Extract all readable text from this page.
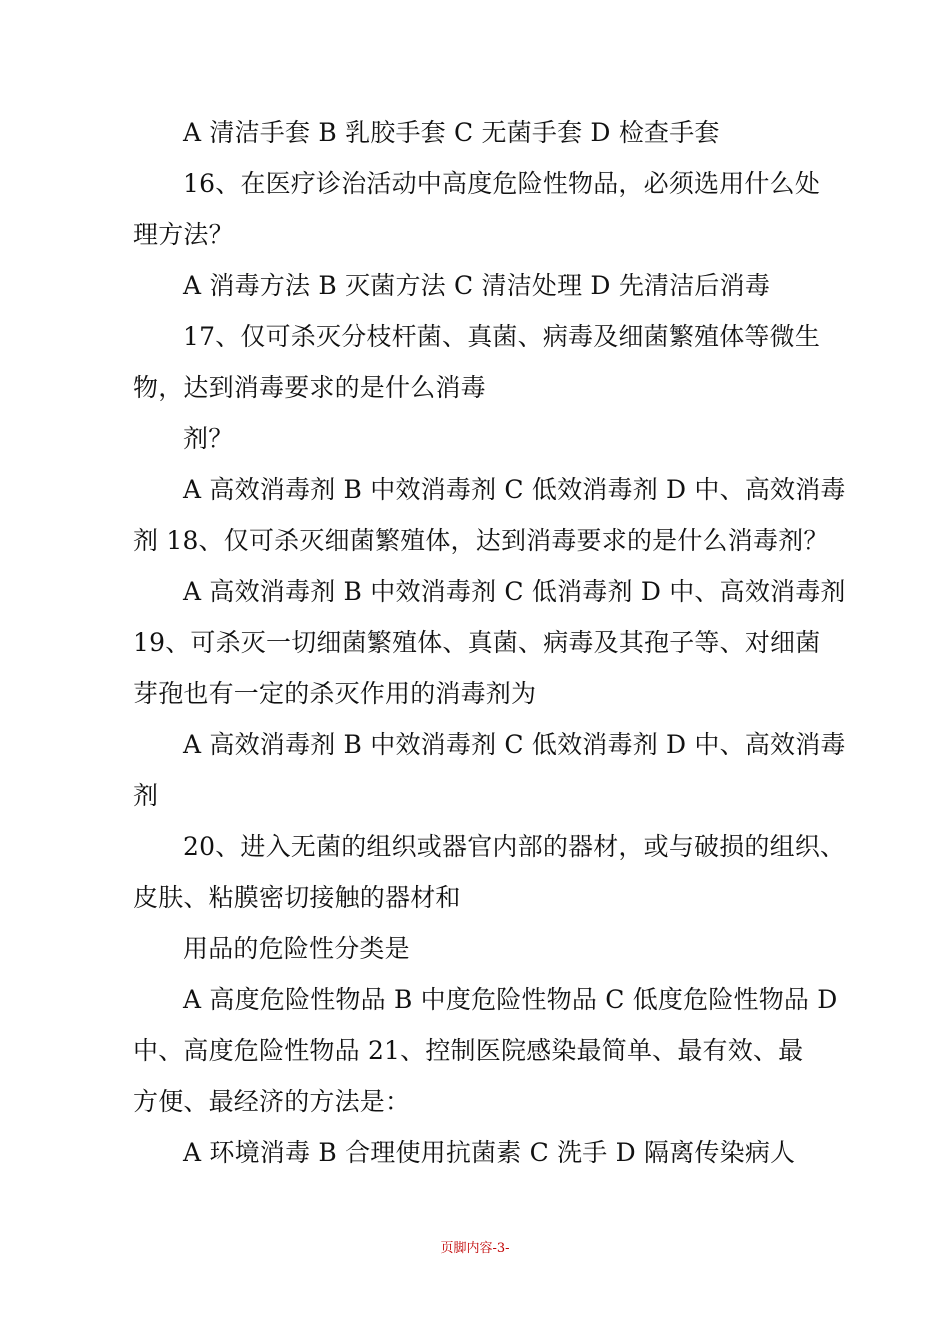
A 清洁手套 B 乳胶手套 C 无菌手套 D 检查手套
16、在医疗诊治活动中高度危险性物品，必须选用什么处
理方法？
A 消毒方法 B 灭菌方法 C 清洁处理 D 先清洁后消毒
17、仅可杀灭分枝杆菌、真菌、病毒及细菌繁殖体等微生
物，达到消毒要求的是什么消毒
剂？
A 高效消毒剂 B 中效消毒剂 C 低效消毒剂 D 中、高效消毒
剂 18、仅可杀灭细菌繁殖体，达到消毒要求的是什么消毒剂？
A 高效消毒剂 B 中效消毒剂 C 低消毒剂 D 中、高效消毒剂
19、可杀灭一切细菌繁殖体、真菌、病毒及其孢子等、对细菌
芽孢也有一定的杀灭作用的消毒剂为
A 高效消毒剂 B 中效消毒剂 C 低效消毒剂 D 中、高效消毒
剂
20、进入无菌的组织或器官内部的器材，或与破损的组织、
皮肤、粘膜密切接触的器材和
用品的危险性分类是
A 高度危险性物品 B 中度危险性物品 C 低度危险性物品 D
中、高度危险性物品 21、控制医院感染最简单、最有效、最
方便、最经济的方法是：
A 环境消毒 B 合理使用抗菌素 C 洗手 D 隔离传染病人
页脚内容-3-
